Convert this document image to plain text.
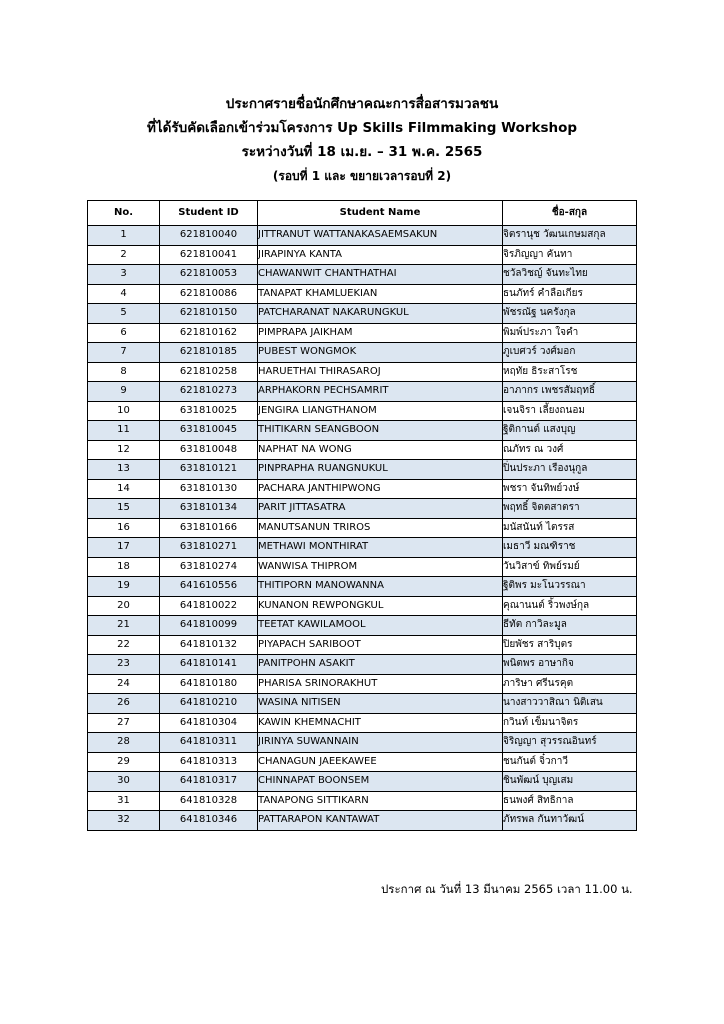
ประกาศรายชื่อนักศึกษาคณะการสื่อสารมวลชน
ที่ได้รับคัดเลือกเข้าร่วมโครงการ Up Skills Filmmaking Workshop
ระหว่างวันที่ 18 เม.ย. – 31 พ.ค. 2565
(รอบที่ 1 และ ขยายเวลารอบที่ 2)
No.	Student ID	Student Name	ชื่อ-สกุล
1	621810040	JITTRANUT WATTANAKASAEMSAKUN	จิตรานุช วัฒนเกษมสกุล
2	621810041	JIRAPINYA KANTA	จิรภิญญา คันทา
3	621810053	CHAWANWIT CHANTHATHAI	ชวัลวิชญ์ จันทะไทย
4	621810086	TANAPAT KHAMLUEKIAN	ธนภัทร์ คำลือเกียร
5	621810150	PATCHARANAT NAKARUNGKUL	พัชรณัฐ นครังกุล
6	621810162	PIMPRAPA JAIKHAM	พิมพ์ประภา ใจคำ
7	621810185	PUBEST WONGMOK	ภูเบศวร์ วงศ์มอก
8	621810258	HARUETHAI THIRASAROJ	หฤทัย ธิระสาโรช
9	621810273	ARPHAKORN PECHSAMRIT	อาภากร เพชรสัมฤทธิ์
10	631810025	JENGIRA LIANGTHANOM	เจนจิรา เลี้ยงถนอม
11	631810045	THITIKARN SEANGBOON	ฐิติกานต์ แสงบุญ
12	631810048	NAPHAT NA WONG	ณภัทร ณ วงศ์
13	631810121	PINPRAPHA RUANGNUKUL	ปิ่นประภา เรืองนุกูล
14	631810130	PACHARA JANTHIPWONG	พชรา จันทิพย์วงษ์
15	631810134	PARIT JITTASATRA	พฤทธิ์ จิตตสาตรา
16	631810166	MANUTSANUN TRIROS	มนัสนันท์ ไตรรส
17	631810271	METHAWI MONTHIRAT	เมธาวี มณฑิราช
18	631810274	WANWISA THIPROM	วันวิสาข์ ทิพย์รมย์
19	641610556	THITIPORN MANOWANNA	ฐิติพร มะโนวรรณา
20	641810022	KUNANON REWPONGKUL	คุณานนต์ ริ้วพงษ์กุล
21	641810099	TEETAT KAWILAMOOL	ธีทัต กาวิละมูล
22	641810132	PIYAPACH SARIBOOT	ปิยพัชร สาริบุตร
23	641810141	PANITPOHN ASAKIT	พนิตพร อาษากิจ
24	641810180	PHARISA SRINORAKHUT	ภาริษา ศรีนรคุต
26	641810210	WASINA NITISEN	นางสาววาสิณา นิติเสน
27	641810304	KAWIN KHEMNACHIT	กวินท์ เข็มนาจิตร
28	641810311	JIRINYA SUWANNAIN	จิริญญา สุวรรณอินทร์
29	641810313	CHANAGUN JAEEKAWEE	ชนกันต์ จิ๋วกาวี
30	641810317	CHINNAPAT BOONSEM	ชินพัฒน์ บุญเสม
31	641810328	TANAPONG SITTIKARN	ธนพงศ์ สิทธิกาล
32	641810346	PATTARAPON KANTAWAT	ภัทรพล กันทาวัฒน์
ประกาศ ณ วันที่ 13 มีนาคม 2565 เวลา 11.00 น.
